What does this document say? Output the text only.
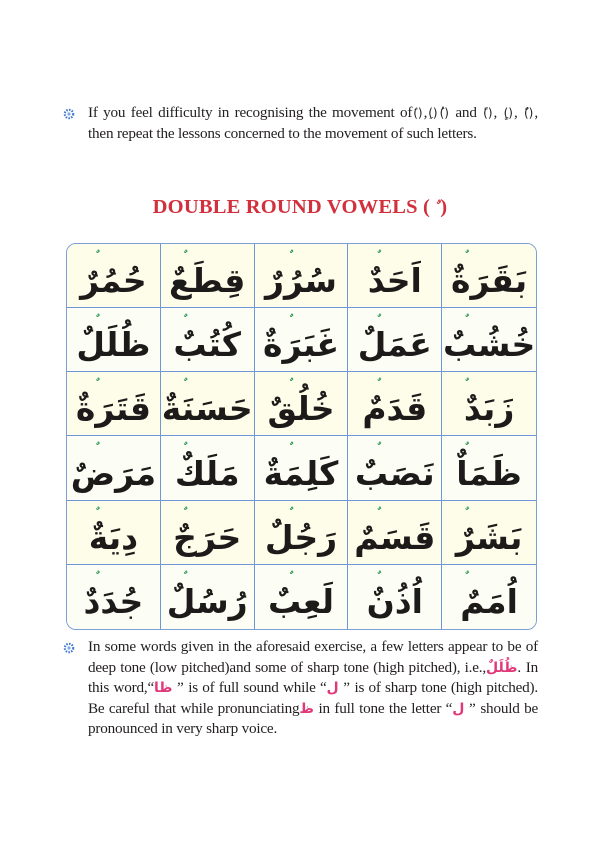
If you feel difficulty in recognising the movement of(َ),(ِ) (ُ) and (ً), (ٍ), (ٌ), then repeat the lessons concerned to the movement of such letters.
DOUBLE ROUND VOWELS ( )
حُمُرٌ قِطَعٌ سُرُرٌ اَحَدٌ بَقَرَةٌ
ظُلَلٌ كُتُبٌ غَبَرَةٌ عَمَلٌ خُشُبٌ
قَتَرَةٌ حَسَنَةٌ خُلُقٌ قَدَمٌ زَبَدٌ
مَرَضٌ مَلَكٌ كَلِمَةٌ نَصَبٌ ظَمَاٌ
دِيَةٌ حَرَجٌ رَجُلٌ قَسَمٌ بَشَرٌ
جُدَدٌ رُسُلٌ لَعِبٌ اُذُنٌ اُمَمٌ
In some words given in the aforesaid exercise, a few letters appear to be of deep tone (low pitched)and some of sharp tone (high pitched), i.e.,ظُلَلٌ. In this word,“ظا ” is of full sound while “ل ” is of sharp tone (high pitched). Be careful that while pronunciatingظ in full tone the letter “ل ” should be pronounced in very sharp voice.
